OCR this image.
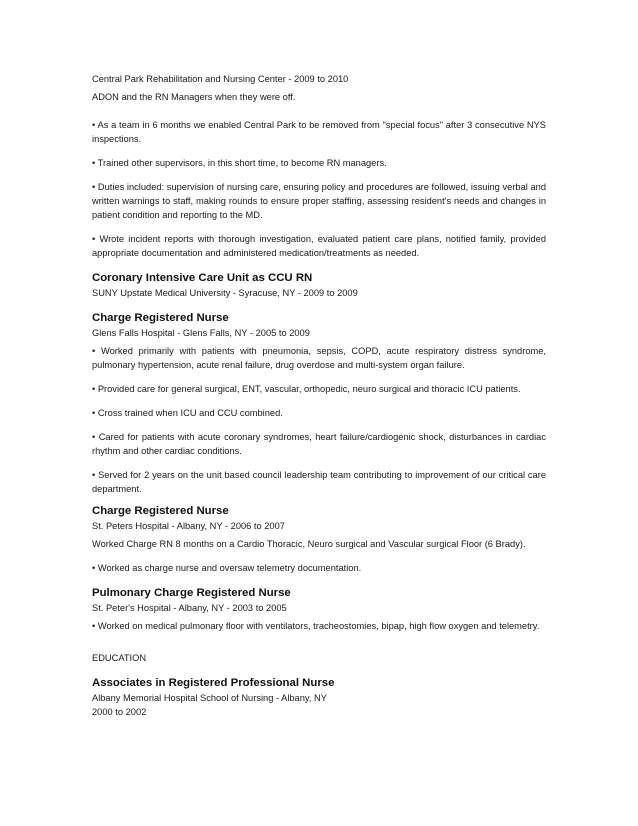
Central Park Rehabilitation and Nursing Center - 2009 to 2010

ADON and the RN Managers when they were off.

• As a team in 6 months we enabled Central Park to be removed from "special focus" after 3 consecutive NYS inspections.

• Trained other supervisors, in this short time, to become RN managers.

• Duties included: supervision of nursing care, ensuring policy and procedures are followed, issuing verbal and written warnings to staff, making rounds to ensure proper staffing, assessing resident's needs and changes in patient condition and reporting to the MD.

• Wrote incident reports with thorough investigation, evaluated patient care plans, notified family, provided appropriate documentation and administered medication/treatments as needed.

Coronary Intensive Care Unit as CCU RN

SUNY Upstate Medical University - Syracuse, NY - 2009 to 2009

Charge Registered Nurse

Glens Falls Hospital - Glens Falls, NY - 2005 to 2009

• Worked primarily with patients with pneumonia, sepsis, COPD, acute respiratory distress syndrome, pulmonary hypertension, acute renal failure, drug overdose and multi-system organ failure.

• Provided care for general surgical, ENT, vascular, orthopedic, neuro surgical and thoracic ICU patients.

• Cross trained when ICU and CCU combined.

• Cared for patients with acute coronary syndromes, heart failure/cardiogenic shock, disturbances in cardiac rhythm and other cardiac conditions.

• Served for 2 years on the unit based council leadership team contributing to improvement of our critical care department.

Charge Registered Nurse

St. Peters Hospital - Albany, NY - 2006 to 2007

Worked Charge RN 8 months on a Cardio Thoracic, Neuro surgical and Vascular surgical Floor (6 Brady).

• Worked as charge nurse and oversaw telemetry documentation.

Pulmonary Charge Registered Nurse

St. Peter's Hospital - Albany, NY - 2003 to 2005

• Worked on medical pulmonary floor with ventilators, tracheostomies, bipap, high flow oxygen and telemetry.

EDUCATION

Associates in Registered Professional Nurse

Albany Memorial Hospital School of Nursing - Albany, NY

2000 to 2002
